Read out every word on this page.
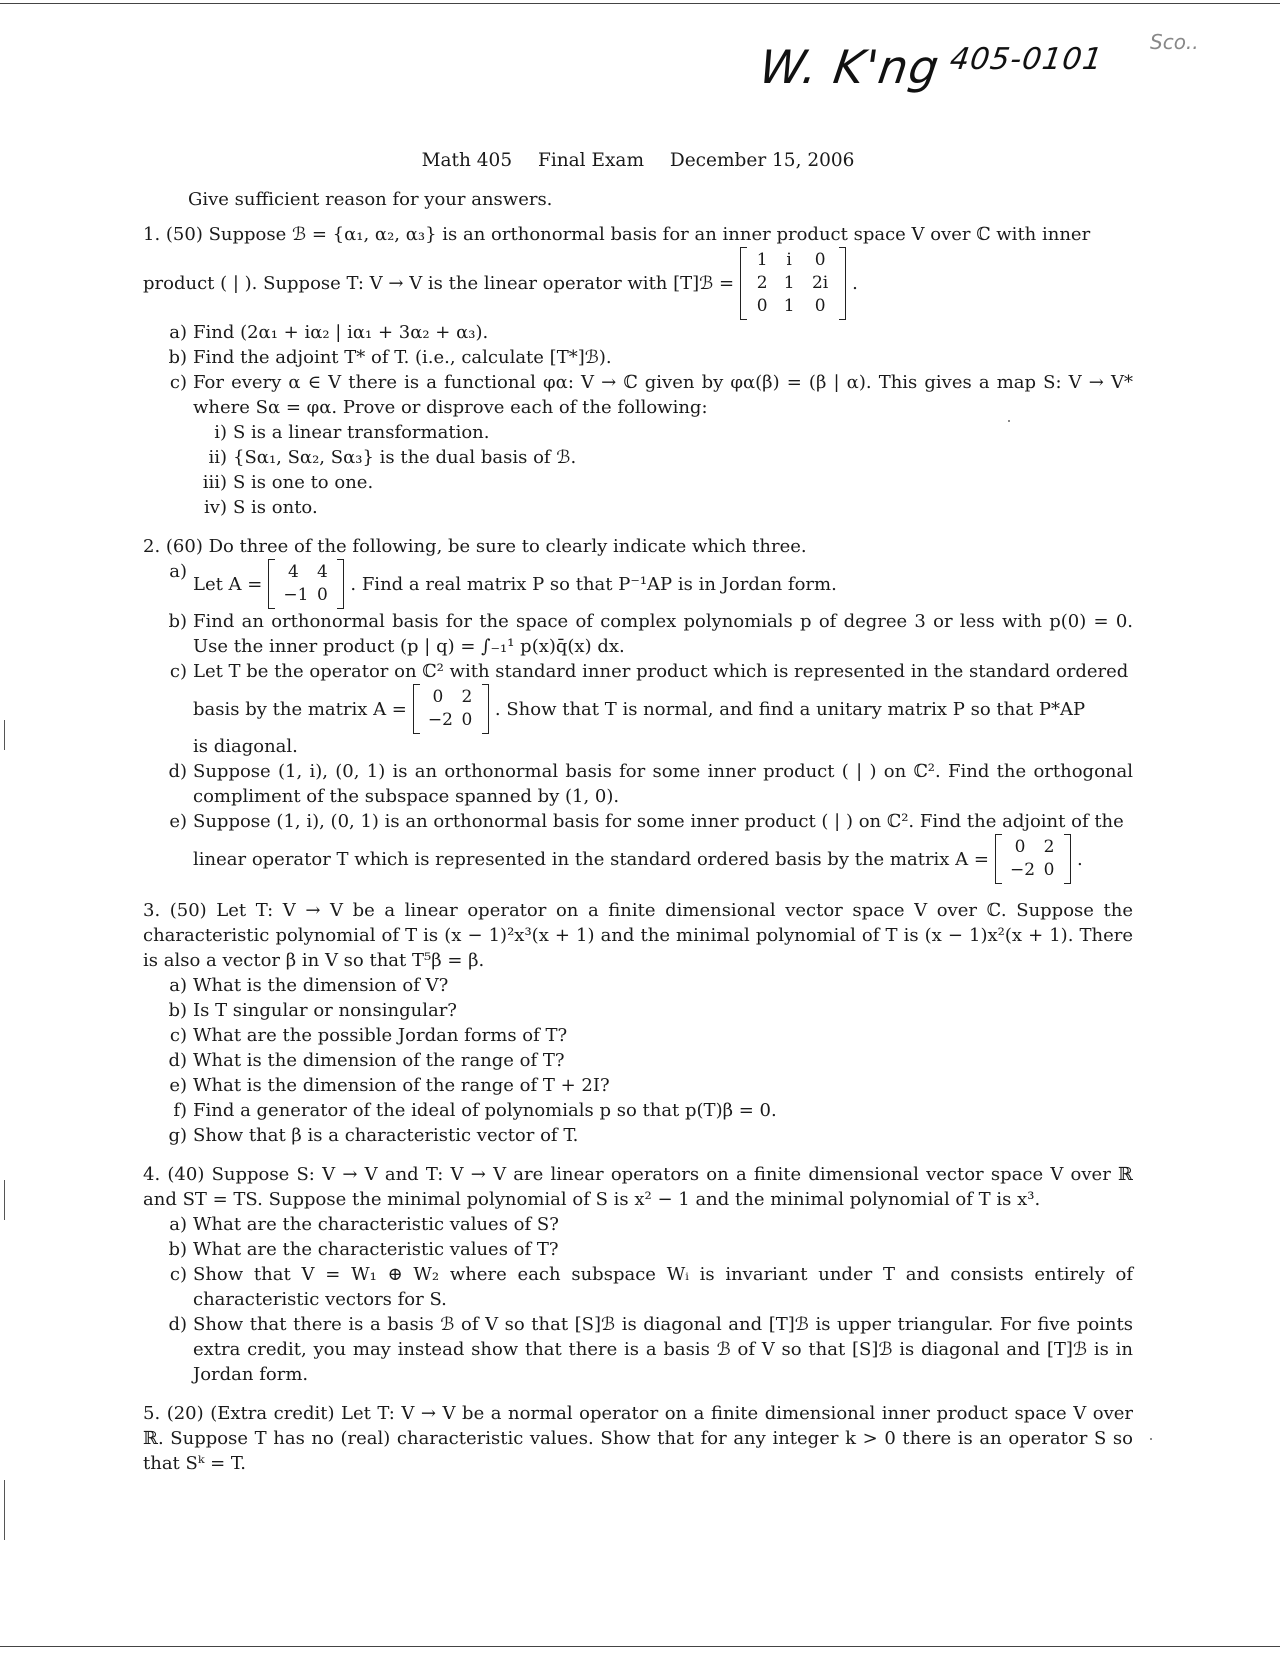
W. K'ng $^{405-0101}$ Sco..
Math 405 Final Exam December 15, 2006
Give sufficient reason for your answers.
1. (50) Suppose ℬ = {α₁, α₂, α₃} is an orthonormal basis for an inner product space V over ℂ with inner
product ( | ). Suppose T: V → V is the linear operator with [T]ℬ =
1	i	0
2 1	2i
0 1	0
.
a) Find (2α₁ + iα₂ | iα₁ + 3α₂ + α₃).
b) Find the adjoint T* of T. (i.e., calculate [T*]ℬ).
c) For every α ∈ V there is a functional φα: V → ℂ given by φα(β) = (β | α). This gives a map S: V → V* where Sα = φα. Prove or disprove each of the following:
i) S is a linear transformation.
ii) {Sα₁, Sα₂, Sα₃} is the dual basis of ℬ.
iii) S is one to one.
iv) S is onto.
2. (60) Do three of the following, be sure to clearly indicate which three.
a)
Let A =
4	4
−1 0
. Find a real matrix P so that P⁻¹AP is in Jordan form.
b) Find an orthonormal basis for the space of complex polynomials p of degree 3 or less with p(0) = 0. Use the inner product (p | q) = ∫₋₁¹ p(x)q̄(x) dx.
c) Let T be the operator on ℂ² with standard inner product which is represented in the standard ordered
basis by the matrix A =
0	2
−2 0
. Show that T is normal, and find a unitary matrix P so that P*AP
is diagonal.
d) Suppose (1, i), (0, 1) is an orthonormal basis for some inner product ( | ) on ℂ². Find the orthogonal compliment of the subspace spanned by (1, 0).
e) Suppose (1, i), (0, 1) is an orthonormal basis for some inner product ( | ) on ℂ². Find the adjoint of the
linear operator T which is represented in the standard ordered basis by the matrix A =
0	2
−2 0
.
3. (50) Let T: V → V be a linear operator on a finite dimensional vector space V over ℂ. Suppose the characteristic polynomial of T is (x − 1)²x³(x + 1) and the minimal polynomial of T is (x − 1)x²(x + 1). There is also a vector β in V so that T⁵β = β.
a) What is the dimension of V?
b) Is T singular or nonsingular?
c) What are the possible Jordan forms of T?
d) What is the dimension of the range of T?
e) What is the dimension of the range of T + 2I?
f) Find a generator of the ideal of polynomials p so that p(T)β = 0.
g) Show that β is a characteristic vector of T.
4. (40) Suppose S: V → V and T: V → V are linear operators on a finite dimensional vector space V over ℝ and ST = TS. Suppose the minimal polynomial of S is x² − 1 and the minimal polynomial of T is x³.
a) What are the characteristic values of S?
b) What are the characteristic values of T?
c) Show that V = W₁ ⊕ W₂ where each subspace Wᵢ is invariant under T and consists entirely of characteristic vectors for S.
d) Show that there is a basis ℬ of V so that [S]ℬ is diagonal and [T]ℬ is upper triangular. For five points extra credit, you may instead show that there is a basis ℬ of V so that [S]ℬ is diagonal and [T]ℬ is in Jordan form.
5. (20) (Extra credit) Let T: V → V be a normal operator on a finite dimensional inner product space V over ℝ. Suppose T has no (real) characteristic values. Show that for any integer k > 0 there is an operator S so that Sᵏ = T.
